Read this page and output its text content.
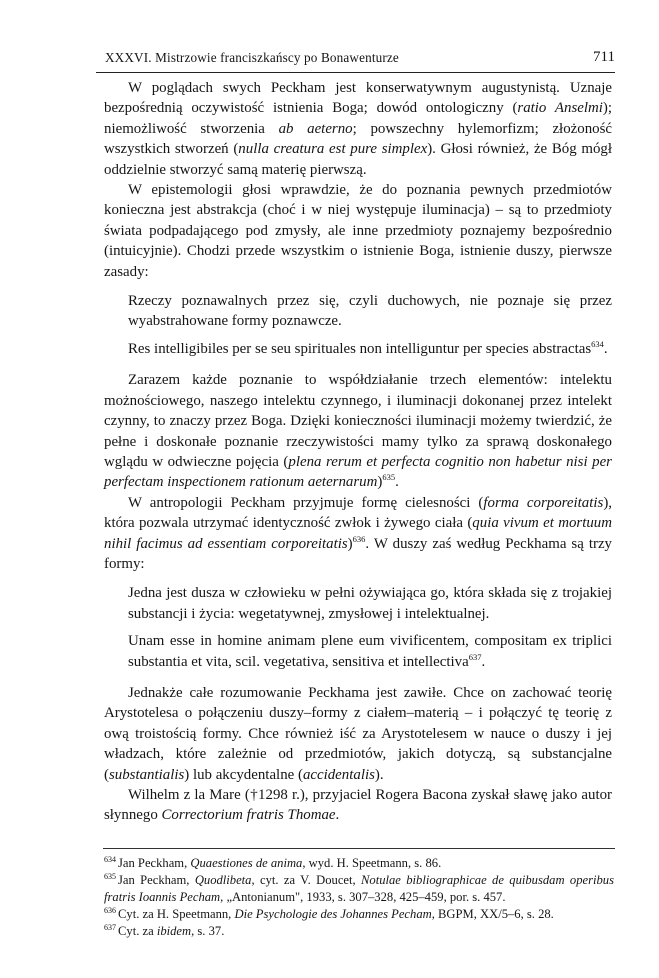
XXXVI. Mistrzowie franciszkańscy po Bonawenturze	711

W poglądach swych Peckham jest konserwatywnym augustynistą. Uznaje bezpośrednią oczywistość istnienia Boga; dowód ontologiczny (ratio Anselmi); niemożliwość stworzenia ab aeterno; powszechny hylemorfizm; złożoność wszystkich stworzeń (nulla creatura est pure simplex). Głosi również, że Bóg mógł oddzielnie stworzyć samą materię pierwszą.

W epistemologii głosi wprawdzie, że do poznania pewnych przedmiotów konieczna jest abstrakcja (choć i w niej występuje iluminacja) – są to przedmioty świata podpadającego pod zmysły, ale inne przedmioty poznajemy bezpośrednio (intuicyjnie). Chodzi przede wszystkim o istnienie Boga, istnienie duszy, pierwsze zasady:

Rzeczy poznawalnych przez się, czyli duchowych, nie poznaje się przez wyabstrahowane formy poznawcze.

Res intelligibiles per se seu spirituales non intelliguntur per species abstractas$^{634}$.

Zarazem każde poznanie to współdziałanie trzech elementów: intelektu możnościowego, naszego intelektu czynnego, i iluminacji dokonanej przez intelekt czynny, to znaczy przez Boga. Dzięki konieczności iluminacji możemy twierdzić, że pełne i doskonałe poznanie rzeczywistości mamy tylko za sprawą doskonałego wglądu w odwieczne pojęcia (plena rerum et perfecta cognitio non habetur nisi per perfectam inspectionem rationum aeternarum)$^{635}$.

W antropologii Peckham przyjmuje formę cielesności (forma corporeitatis), która pozwala utrzymać identyczność zwłok i żywego ciała (quia vivum et mortuum nihil facimus ad essentiam corporeitatis)$^{636}$. W duszy zaś według Peckhama są trzy formy:

Jedna jest dusza w człowieku w pełni ożywiająca go, która składa się z trojakiej substancji i życia: wegetatywnej, zmysłowej i intelektualnej.

Unam esse in homine animam plene eum vivificentem, compositam ex triplici substantia et vita, scil. vegetativa, sensitiva et intellectiva$^{637}$.

Jednakże całe rozumowanie Peckhama jest zawiłe. Chce on zachować teorię Arystotelesa o połączeniu duszy–formy z ciałem–materią – i połączyć tę teorię z ową troistością formy. Chce również iść za Arystotelesem w nauce o duszy i jej władzach, które zależnie od przedmiotów, jakich dotyczą, są substancjalne (substantialis) lub akcydentalne (accidentalis).

Wilhelm z la Mare (†1298 r.), przyjaciel Rogera Bacona zyskał sławę jako autor słynnego Correctorium fratris Thomae.

$^{634}$ Jan Peckham, Quaestiones de anima, wyd. H. Speetmann, s. 86.

$^{635}$ Jan Peckham, Quodlibeta, cyt. za V. Doucet, Notulae bibliographicae de quibusdam operibus fratris Ioannis Pecham, „Antonianum", 1933, s. 307–328, 425–459, por. s. 457.

$^{636}$ Cyt. za H. Speetmann, Die Psychologie des Johannes Pecham, BGPM, XX/5–6, s. 28.

$^{637}$ Cyt. za ibidem, s. 37.
